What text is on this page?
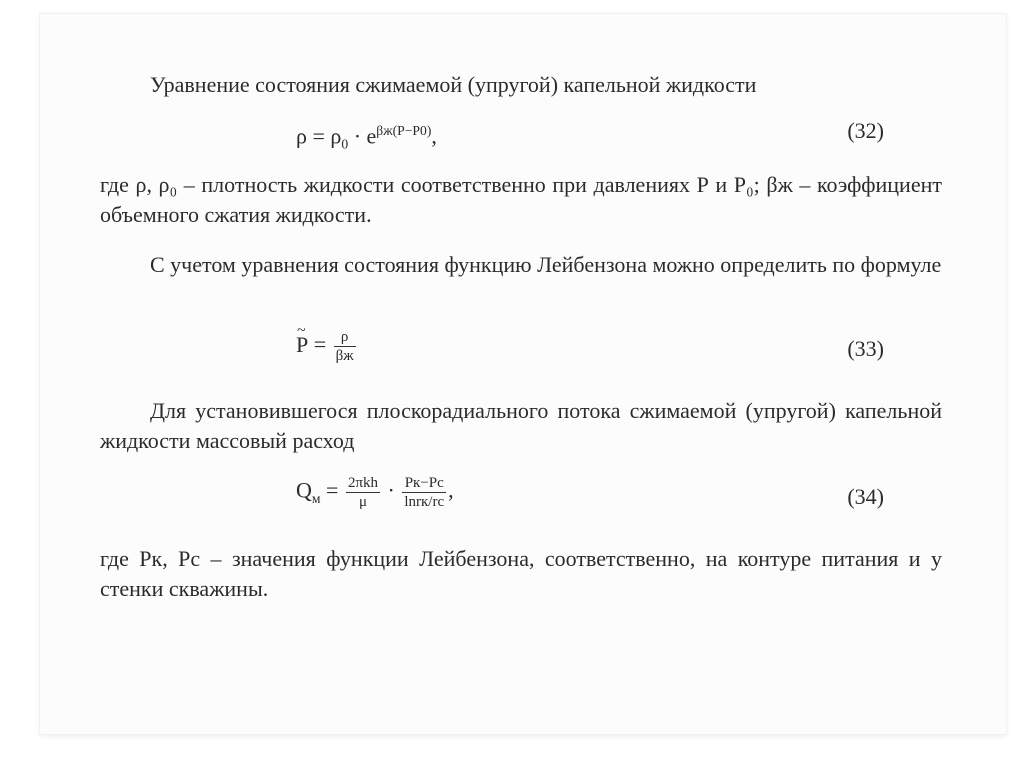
Уравнение состояния сжимаемой (упругой) капельной жидкости
$\rho = \rho_0 \cdot e^{\beta ж(P-P0)}$,	(32)
где ρ, ρ₀ – плотность жидкости соответственно при давлениях Р и Р₀; βж – коэффициент объемного сжатия жидкости.
С учетом уравнения состояния функцию Лейбензона можно определить по формуле
~ $P = \frac{\rho}{\beta ж}$	(33)
Для установившегося плоскорадиального потока сжимаемой (упругой) капельной жидкости массовый расход
$Q_м = \frac{\text{2πkh}}{\mu} \cdot \frac{Pк-Pс}{\ln rк/rс}$ ,	(34)
где Pк, Pс – значения функции Лейбензона, соответственно, на контуре питания и у стенки скважины.
